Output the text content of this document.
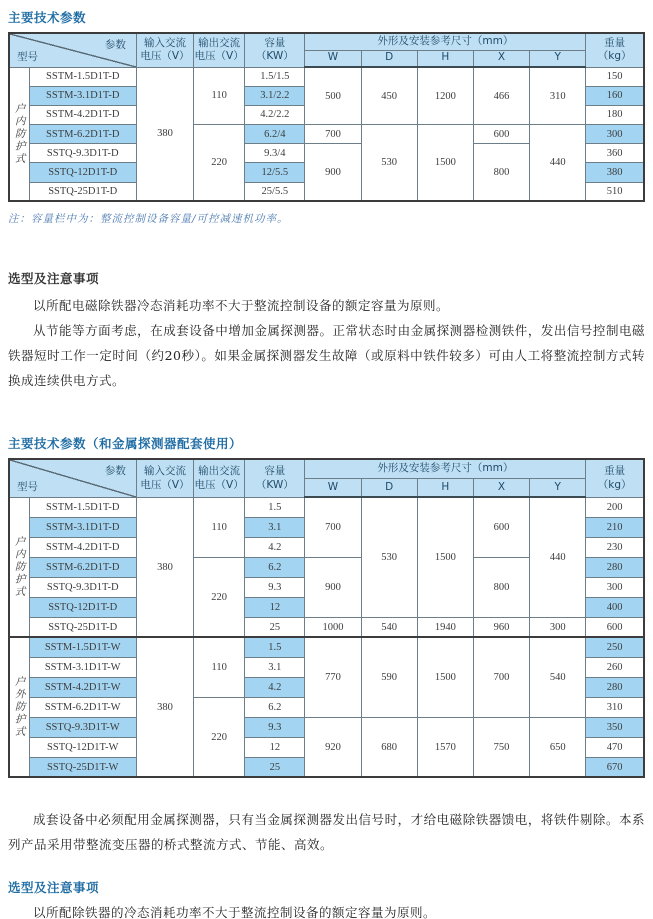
主要技术参数
参数
型号		输入交流
电压（V）	输出交流
电压（V）	容量
（KW）	外形及安装参考尺寸（mm）					重量
（kg）
					W	D	H	X	Y	
户内防护式	SSTM-1.5D1T-D	380	110	1.5/1.5	500	450	1200	466	310	150
	SSTM-3.1D1T-D			3.1/2.2						160
	SSTM-4.2D1T-D			4.2/2.2						180
	SSTM-6.2D1T-D		220	6.2/4	700	530	1500	600	440	300
	SSTQ-9.3D1T-D			9.3/4	900			800		360
	SSTQ-12D1T-D			12/5.5						380
	SSTQ-25D1T-D			25/5.5						510
注：容量栏中为：整流控制设备容量/可控减速机功率。
选型及注意事项
以所配电磁除铁器冷态消耗功率不大于整流控制设备的额定容量为原则。
从节能等方面考虑，在成套设备中增加金属探测器。正常状态时由金属探测器检测铁件，发出信号控制电磁铁器短时工作一定时间（约20秒）。如果金属探测器发生故障（或原料中铁件较多）可由人工将整流控制方式转换成连续供电方式。
主要技术参数（和金属探测器配套使用）
参数
型号		输入交流
电压（V）	输出交流
电压（V）	容量
（KW）	外形及安装参考尺寸（mm）					重量
（kg）
					W	D	H	X	Y	
户内防护式	SSTM-1.5D1T-D	380	110	1.5	700	530	1500	600	440	200
	SSTM-3.1D1T-D			3.1						210
	SSTM-4.2D1T-D			4.2						230
	SSTM-6.2D1T-D		220	6.2	900			800		280
	SSTQ-9.3D1T-D			9.3						300
	SSTQ-12D1T-D			12						400
	SSTQ-25D1T-D			25	1000	540	1940	960	300	600
户外防护式	SSTM-1.5D1T-W	380	110	1.5	770	590	1500	700	540	250
	SSTM-3.1D1T-W			3.1						260
	SSTM-4.2D1T-W			4.2						280
	SSTM-6.2D1T-W		220	6.2						310
	SSTQ-9.3D1T-W			9.3	920	680	1570	750	650	350
	SSTQ-12D1T-W			12						470
	SSTQ-25D1T-W			25						670
成套设备中必须配用金属探测器，只有当金属探测器发出信号时，才给电磁除铁器馈电，将铁件剔除。本系列产品采用带整流变压器的桥式整流方式、节能、高效。
选型及注意事项
以所配除铁器的冷态消耗功率不大于整流控制设备的额定容量为原则。
